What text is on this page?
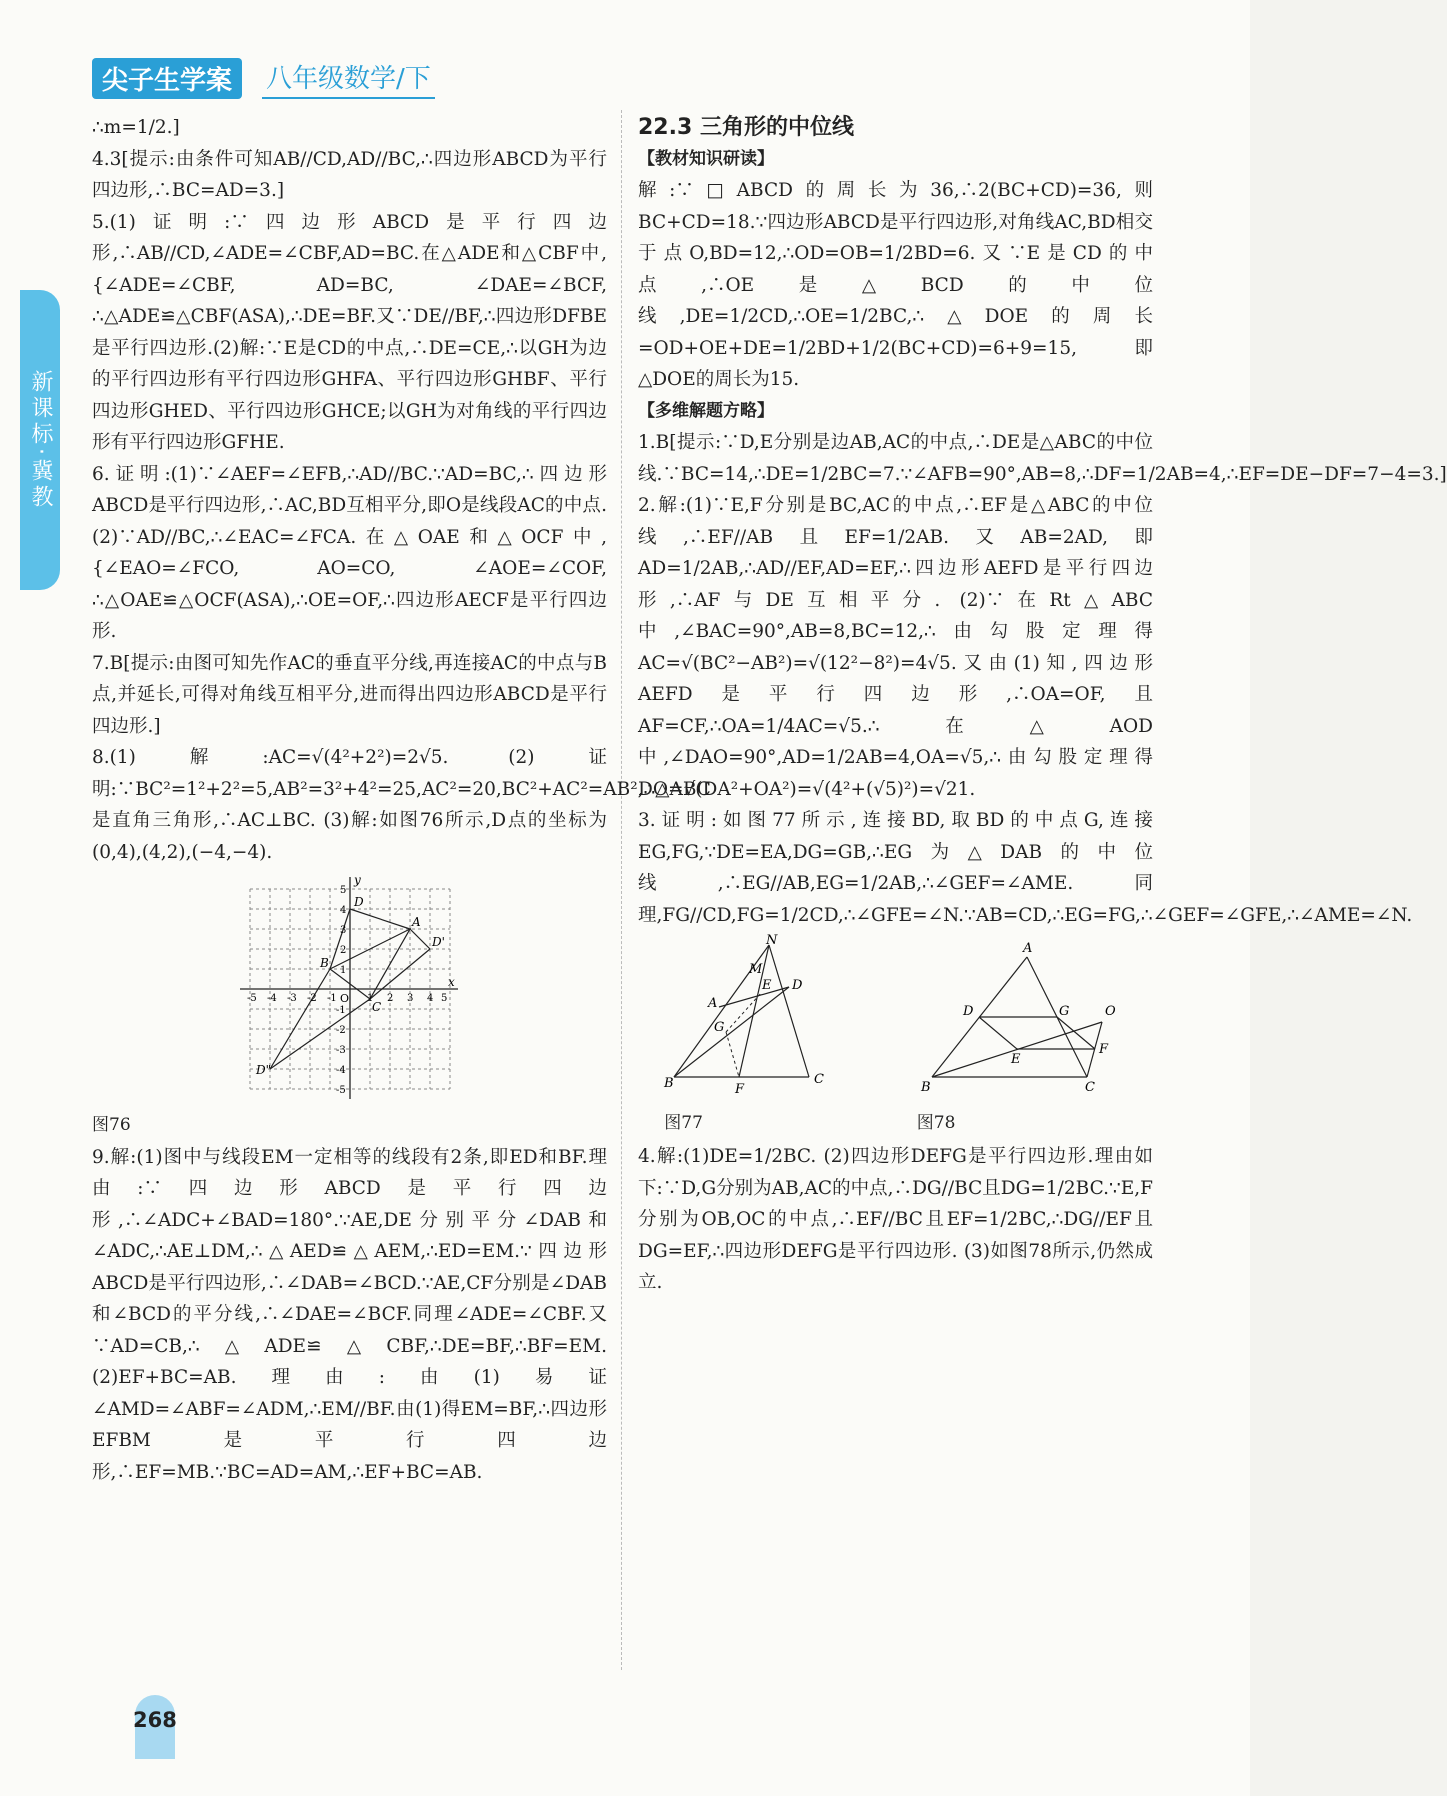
尖子生学案	八年级数学/下
新课标·冀教

∴m=1/2.]

4.3[提示:由条件可知AB//CD,AD//BC,∴四边形ABCD为平行四边形,∴BC=AD=3.]

5.(1)证明:∵四边形ABCD是平行四边形,∴AB//CD,∠ADE=∠CBF,AD=BC.在△ADE和△CBF中,{∠ADE=∠CBF, AD=BC, ∠DAE=∠BCF, ∴△ADE≌△CBF(ASA),∴DE=BF.又∵DE//BF,∴四边形DFBE是平行四边形.(2)解:∵E是CD的中点,∴DE=CE,∴以GH为边的平行四边形有平行四边形GHFA、平行四边形GHBF、平行四边形GHED、平行四边形GHCE;以GH为对角线的平行四边形有平行四边形GFHE.

6.证明:(1)∵∠AEF=∠EFB,∴AD//BC.∵AD=BC,∴四边形ABCD是平行四边形,∴AC,BD互相平分,即O是线段AC的中点. (2)∵AD//BC,∴∠EAC=∠FCA.在△OAE和△OCF中,{∠EAO=∠FCO, AO=CO, ∠AOE=∠COF, ∴△OAE≌△OCF(ASA),∴OE=OF,∴四边形AECF是平行四边形.

7.B[提示:由图可知先作AC的垂直平分线,再连接AC的中点与B点,并延长,可得对角线互相平分,进而得出四边形ABCD是平行四边形.]

8.(1)解:AC=√(4²+2²)=2√5. (2)证明:∵BC²=1²+2²=5,AB²=3²+4²=25,AC²=20,BC²+AC²=AB²,∴△ABC是直角三角形,∴AC⊥BC. (3)解:如图76所示,D点的坐标为(0,4),(4,2),(−4,−4).

y
x
O
A
B
C
D
D'
D"
-5 -4 -3 -2 -1	1 2 3 4 5
5
4
3
2
1
-1
-2
-3
-4
-5

图76

9.解:(1)图中与线段EM一定相等的线段有2条,即ED和BF.理由:∵四边形ABCD是平行四边形,∴∠ADC+∠BAD=180°.∵AE,DE分别平分∠DAB和∠ADC,∴AE⊥DM,∴△AED≌△AEM,∴ED=EM.∵四边形ABCD是平行四边形,∴∠DAB=∠BCD.∵AE,CF分别是∠DAB和∠BCD的平分线,∴∠DAE=∠BCF.同理∠ADE=∠CBF.又∵AD=CB,∴△ADE≌△CBF,∴DE=BF,∴BF=EM. (2)EF+BC=AB.理由:由(1)易证∠AMD=∠ABF=∠ADM,∴EM//BF.由(1)得EM=BF,∴四边形EFBM是平行四边形,∴EF=MB.∵BC=AD=AM,∴EF+BC=AB.

22.3 三角形的中位线

【教材知识研读】

解:∵□ABCD的周长为36,∴2(BC+CD)=36,则BC+CD=18.∵四边形ABCD是平行四边形,对角线AC,BD相交于点O,BD=12,∴OD=OB=1/2BD=6.又∵E是CD的中点,∴OE是△BCD的中位线,DE=1/2CD,∴OE=1/2BC,∴△DOE的周长=OD+OE+DE=1/2BD+1/2(BC+CD)=6+9=15,即△DOE的周长为15.

【多维解题方略】

1.B[提示:∵D,E分别是边AB,AC的中点,∴DE是△ABC的中位线.∵BC=14,∴DE=1/2BC=7.∵∠AFB=90°,AB=8,∴DF=1/2AB=4,∴EF=DE−DF=7−4=3.]

2.解:(1)∵E,F分别是BC,AC的中点,∴EF是△ABC的中位线,∴EF//AB且EF=1/2AB.又AB=2AD,即AD=1/2AB,∴AD//EF,AD=EF,∴四边形AEFD是平行四边形,∴AF与DE互相平分. (2)∵在Rt△ABC中,∠BAC=90°,AB=8,BC=12,∴由勾股定理得AC=√(BC²−AB²)=√(12²−8²)=4√5.又由(1)知,四边形AEFD是平行四边形,∴OA=OF,且AF=CF,∴OA=1/4AC=√5.∴在△AOD中,∠DAO=90°,AD=1/2AB=4,OA=√5,∴由勾股定理得DO=√(DA²+OA²)=√(4²+(√5)²)=√21.

3.证明:如图77所示,连接BD,取BD的中点G,连接EG,FG,∵DE=EA,DG=GB,∴EG为△DAB的中位线,∴EG//AB,EG=1/2AB,∴∠GEF=∠AME.同理,FG//CD,FG=1/2CD,∴∠GFE=∠N.∵AB=CD,∴EG=FG,∴∠GEF=∠GFE,∴∠AME=∠N.

N
M
E D
A
G
B	F
C

图77

A
D	G	O
F
E
B	C

图78

4.解:(1)DE=1/2BC. (2)四边形DEFG是平行四边形.理由如下:∵D,G分别为AB,AC的中点,∴DG//BC且DG=1/2BC.∵E,F分别为OB,OC的中点,∴EF//BC且EF=1/2BC,∴DG//EF且DG=EF,∴四边形DEFG是平行四边形. (3)如图78所示,仍然成立.

268
